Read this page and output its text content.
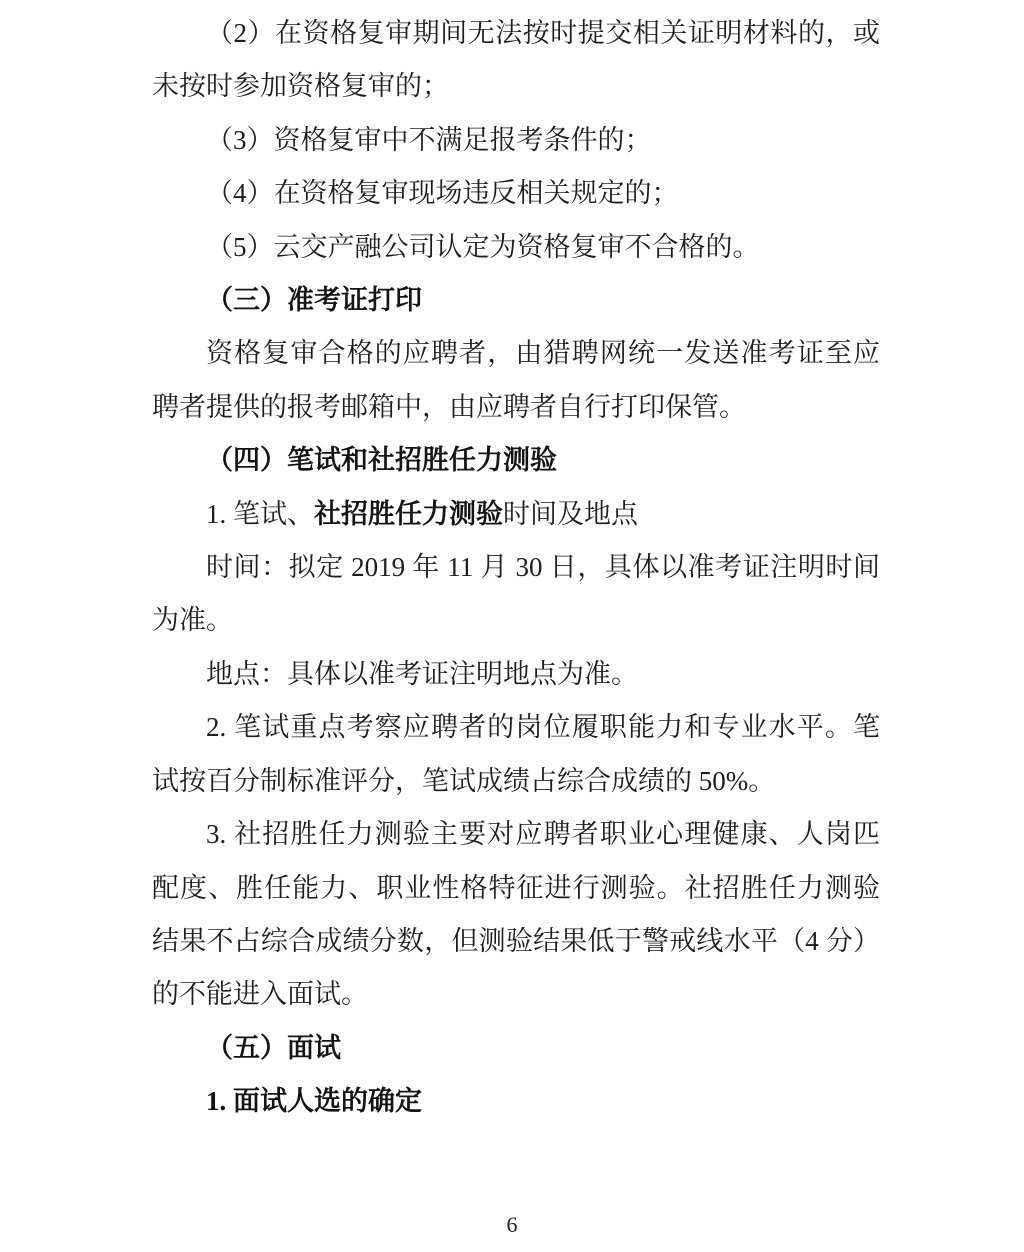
（2）在资格复审期间无法按时提交相关证明材料的，或未按时参加资格复审的；

（3）资格复审中不满足报考条件的；

（4）在资格复审现场违反相关规定的；

（5）云交产融公司认定为资格复审不合格的。

（三）准考证打印

资格复审合格的应聘者，由猎聘网统一发送准考证至应聘者提供的报考邮箱中，由应聘者自行打印保管。

（四）笔试和社招胜任力测验

1. 笔试、社招胜任力测验时间及地点

时间：拟定 2019 年 11 月 30 日，具体以准考证注明时间为准。

地点：具体以准考证注明地点为准。

2. 笔试重点考察应聘者的岗位履职能力和专业水平。笔试按百分制标准评分，笔试成绩占综合成绩的 50%。

3. 社招胜任力测验主要对应聘者职业心理健康、人岗匹配度、胜任能力、职业性格特征进行测验。社招胜任力测验结果不占综合成绩分数，但测验结果低于警戒线水平（4 分）的不能进入面试。

（五）面试

1. 面试人选的确定

6
